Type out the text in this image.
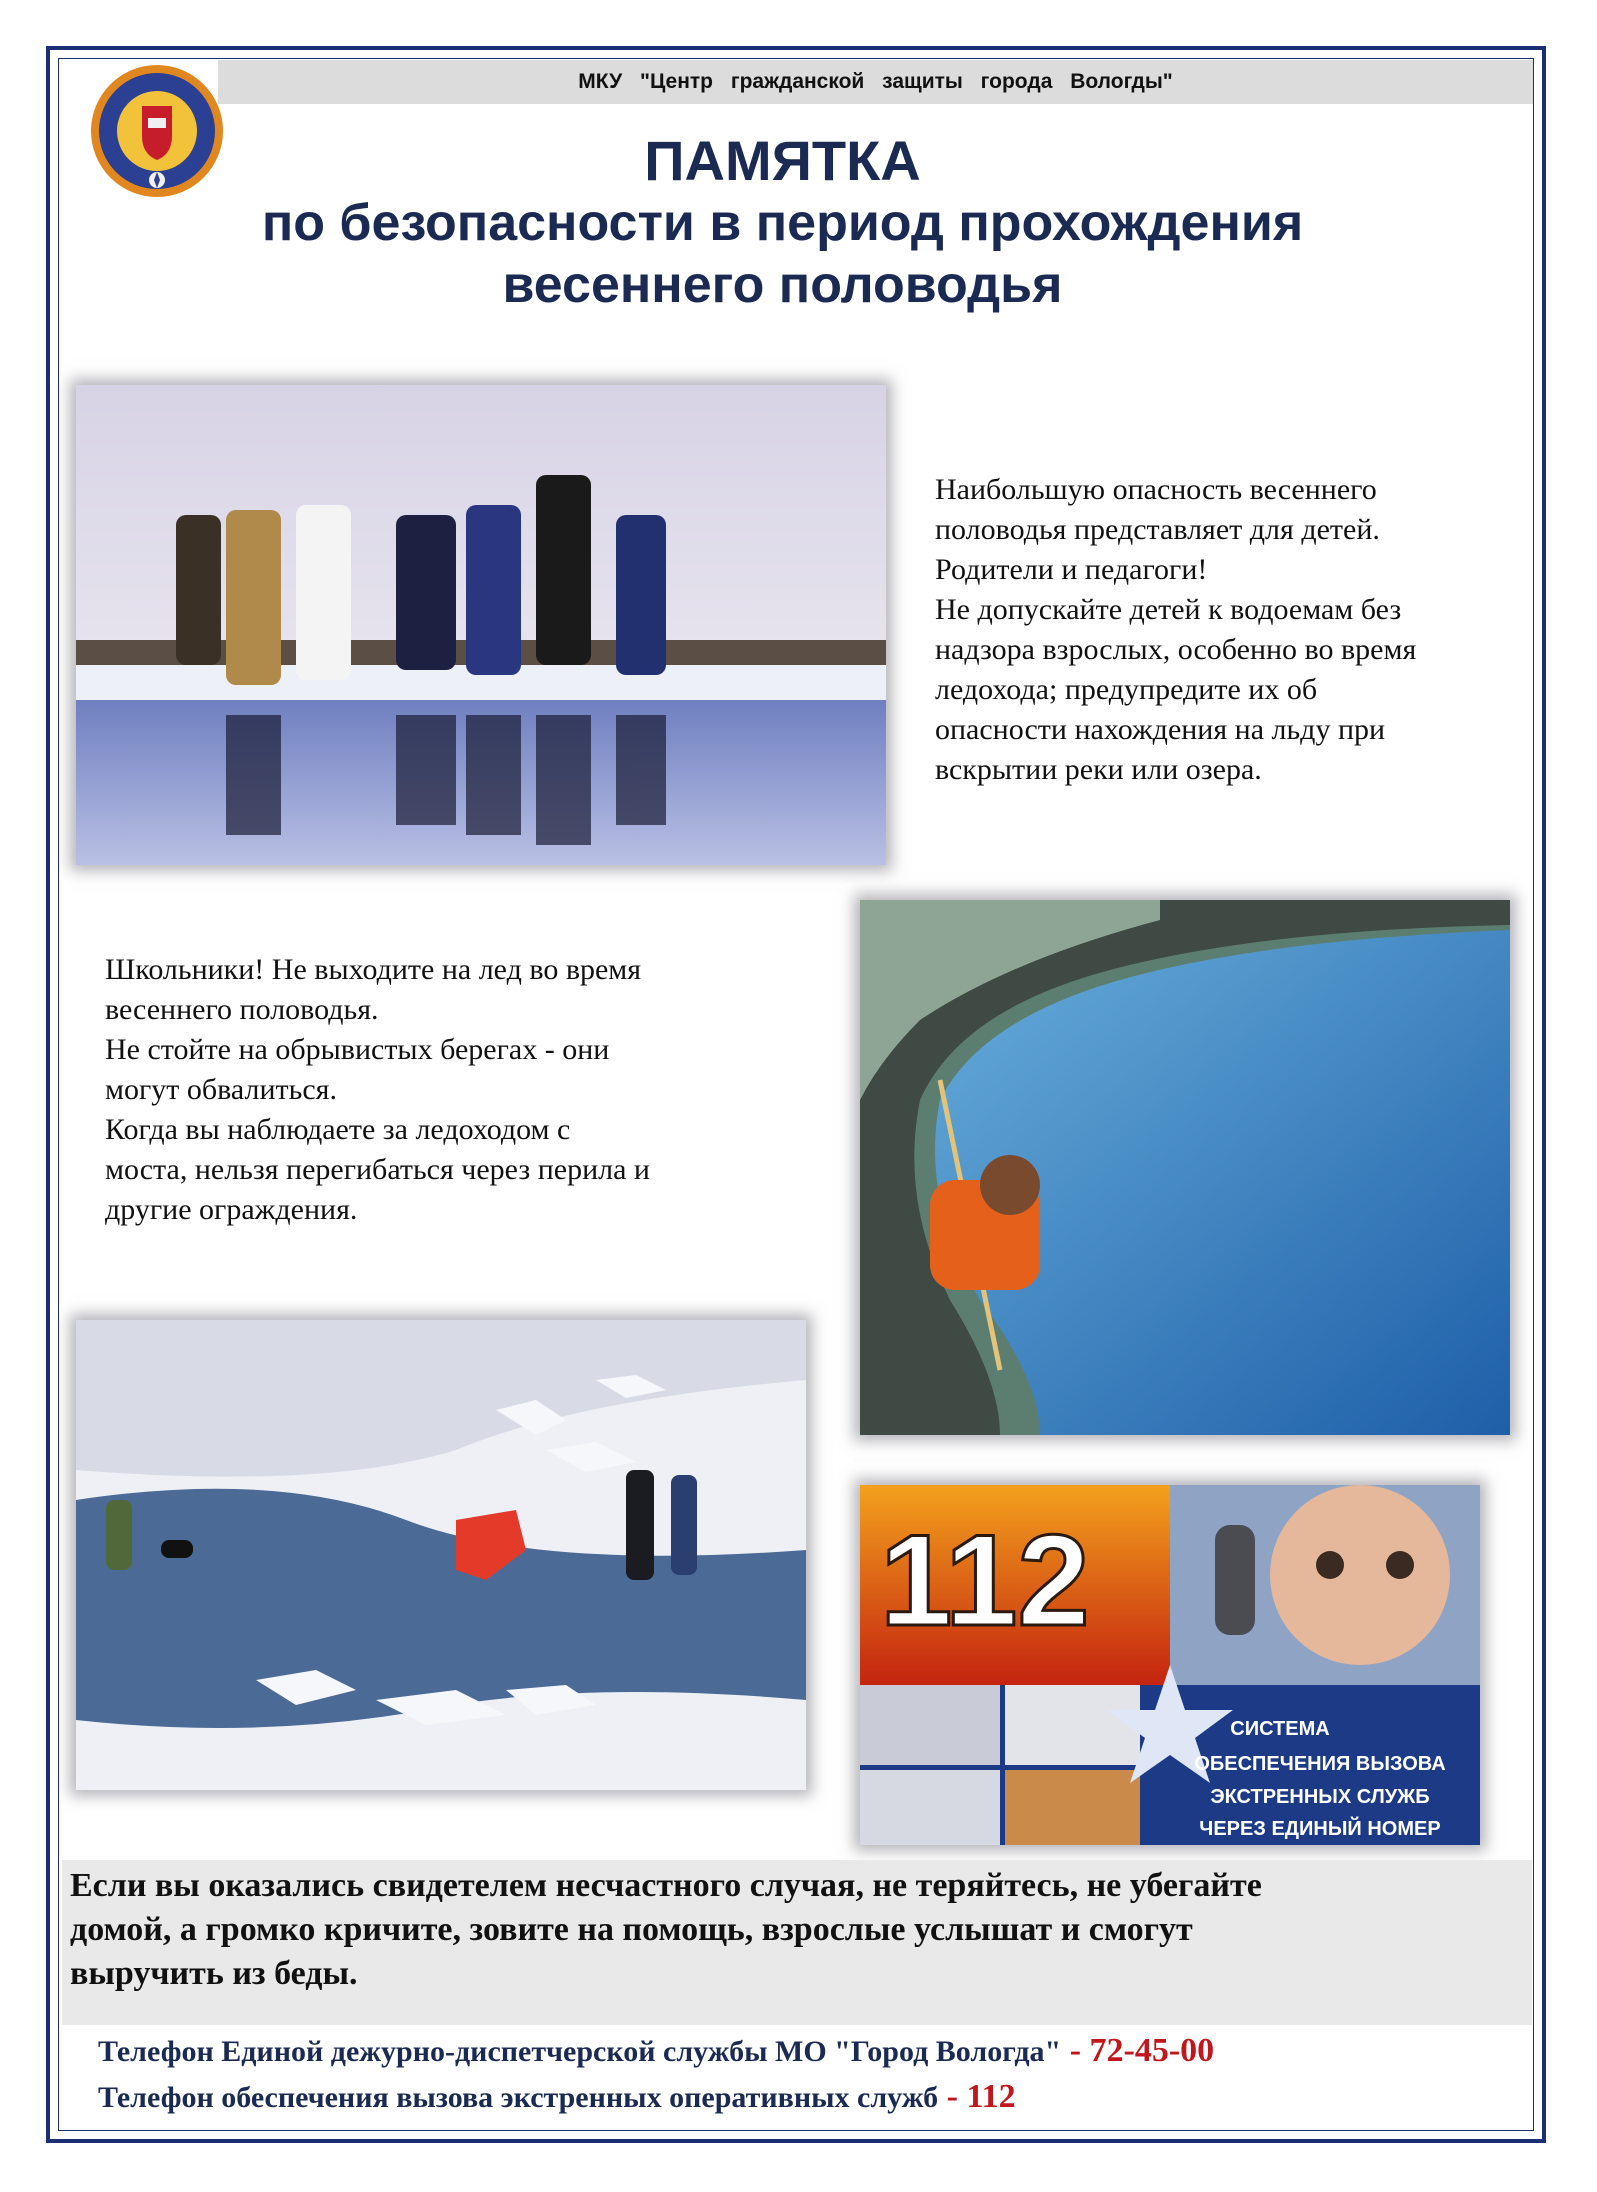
МКУ "Центр гражданской защиты города Вологды"
ПАМЯТКА
по безопасности в период прохождения
весеннего половодья
Наибольшую опасность весеннего
половодья представляет для детей.
Родители и педагоги!
Не допускайте детей к водоемам без
надзора взрослых, особенно во время
ледохода; предупредите их об
опасности нахождения на льду при
вскрытии реки или озера.
Школьники! Не выходите на лед во время
весеннего половодья.
Не стойте на обрывистых берегах - они
могут обвалиться.
Когда вы наблюдаете за ледоходом с
моста, нельзя перегибаться через перила и
другие ограждения.
112
СИСТЕМА
ОБЕСПЕЧЕНИЯ ВЫЗОВА
ЭКСТРЕННЫХ СЛУЖБ
ЧЕРЕЗ ЕДИНЫЙ НОМЕР
Если вы оказались свидетелем несчастного случая, не теряйтесь, не убегайте
домой, а громко кричите, зовите на помощь, взрослые услышат и смогут
выручить из беды.
Телефон Единой дежурно-диспетчерской службы МО "Город Вологда" - 72-45-00
Телефон обеспечения вызова экстренных оперативных служб - 112
